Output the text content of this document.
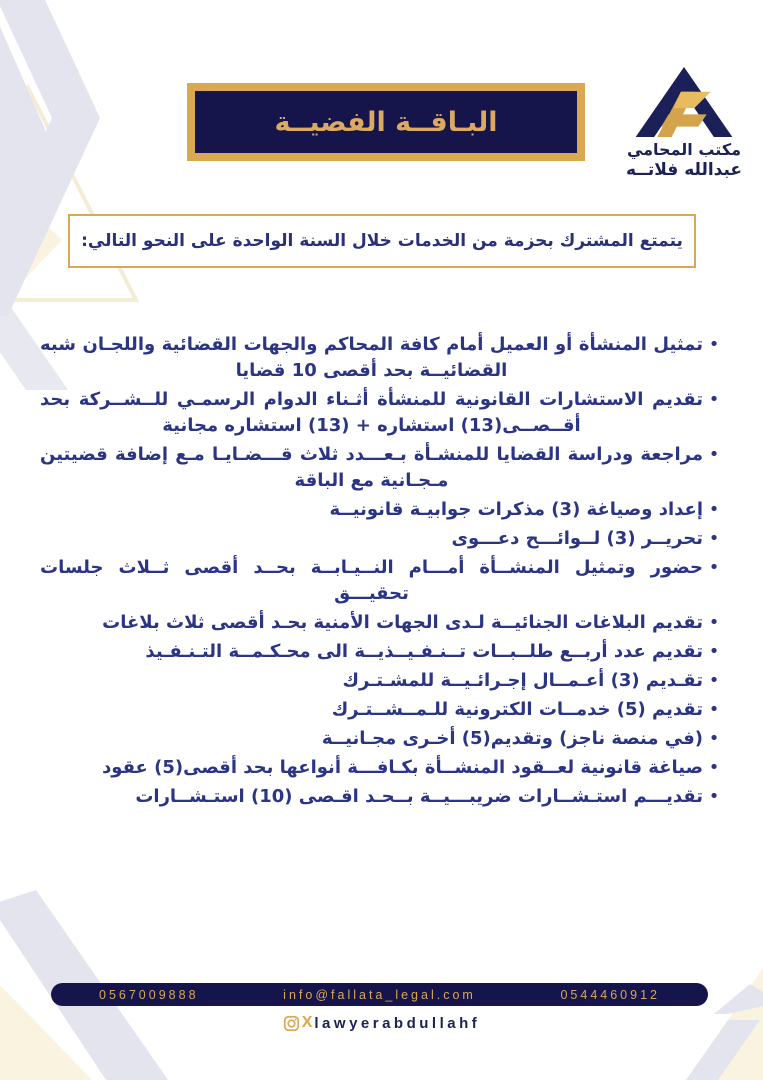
البـاقــة الفضيــة
مكتب المحامي
عبدالله فلاتــه
يتمتع المشترك بحزمة من الخدمات خلال السنة الواحدة على النحو التالي:
•
تمثيل المنشأة أو العميل أمام كافة المحاكم والجهات القضائية واللجـان شبه القضائيــة بحد أقصى 10 قضايا
•
تقديم الاستشارات القانونية للمنشأة أثـناء الدوام الرسمـي للــشــركة بحد أقــصــى(13) استشاره + (13) استشاره مجانية
•
مراجعة ودراسة القضايا للمنشـأة بـعـــدد ثلاث قـــضـايـا مـع إضافة قضيتين مـجـانية مع الباقة
•
إعداد وصياغة (3) مذكرات جوابيـة قانونيــة
•
تحريــر (3) لــوائـــح دعـــوى
•
حضور وتمثيل المنشــأة أمـــام النــيـابــة بحــد أقصى ثــلاث جلسات تحقيـــق
•
تقديم البلاغات الجنائيــة لـدى الجهات الأمنية بحـد أقصى ثلاث بلاغات
•
تقديم عدد أربــع طلــبــات تــنـفـيــذيــة الى محـكـمــة التـنـفـيذ
•
تقـديم (3) أعـمــال إجـرائـيــة للمشـتـرك
•
تقديم (5) خدمــات الكترونية للـمــشــتـرك
•
(في منصة ناجز) وتقديم(5) أخـرى مجـانيــة
•
صياغة قانونية لعــقود المنشــأة بكـافـــة أنواعها بحد أقصى(5) عقود
•
تقديـــم استـشــارات ضريبـــيــة بــحـد اقـصى (10) استـشــارات
0567009888	info@fallata_legal.com	0544460912
X lawyerabdullahf
